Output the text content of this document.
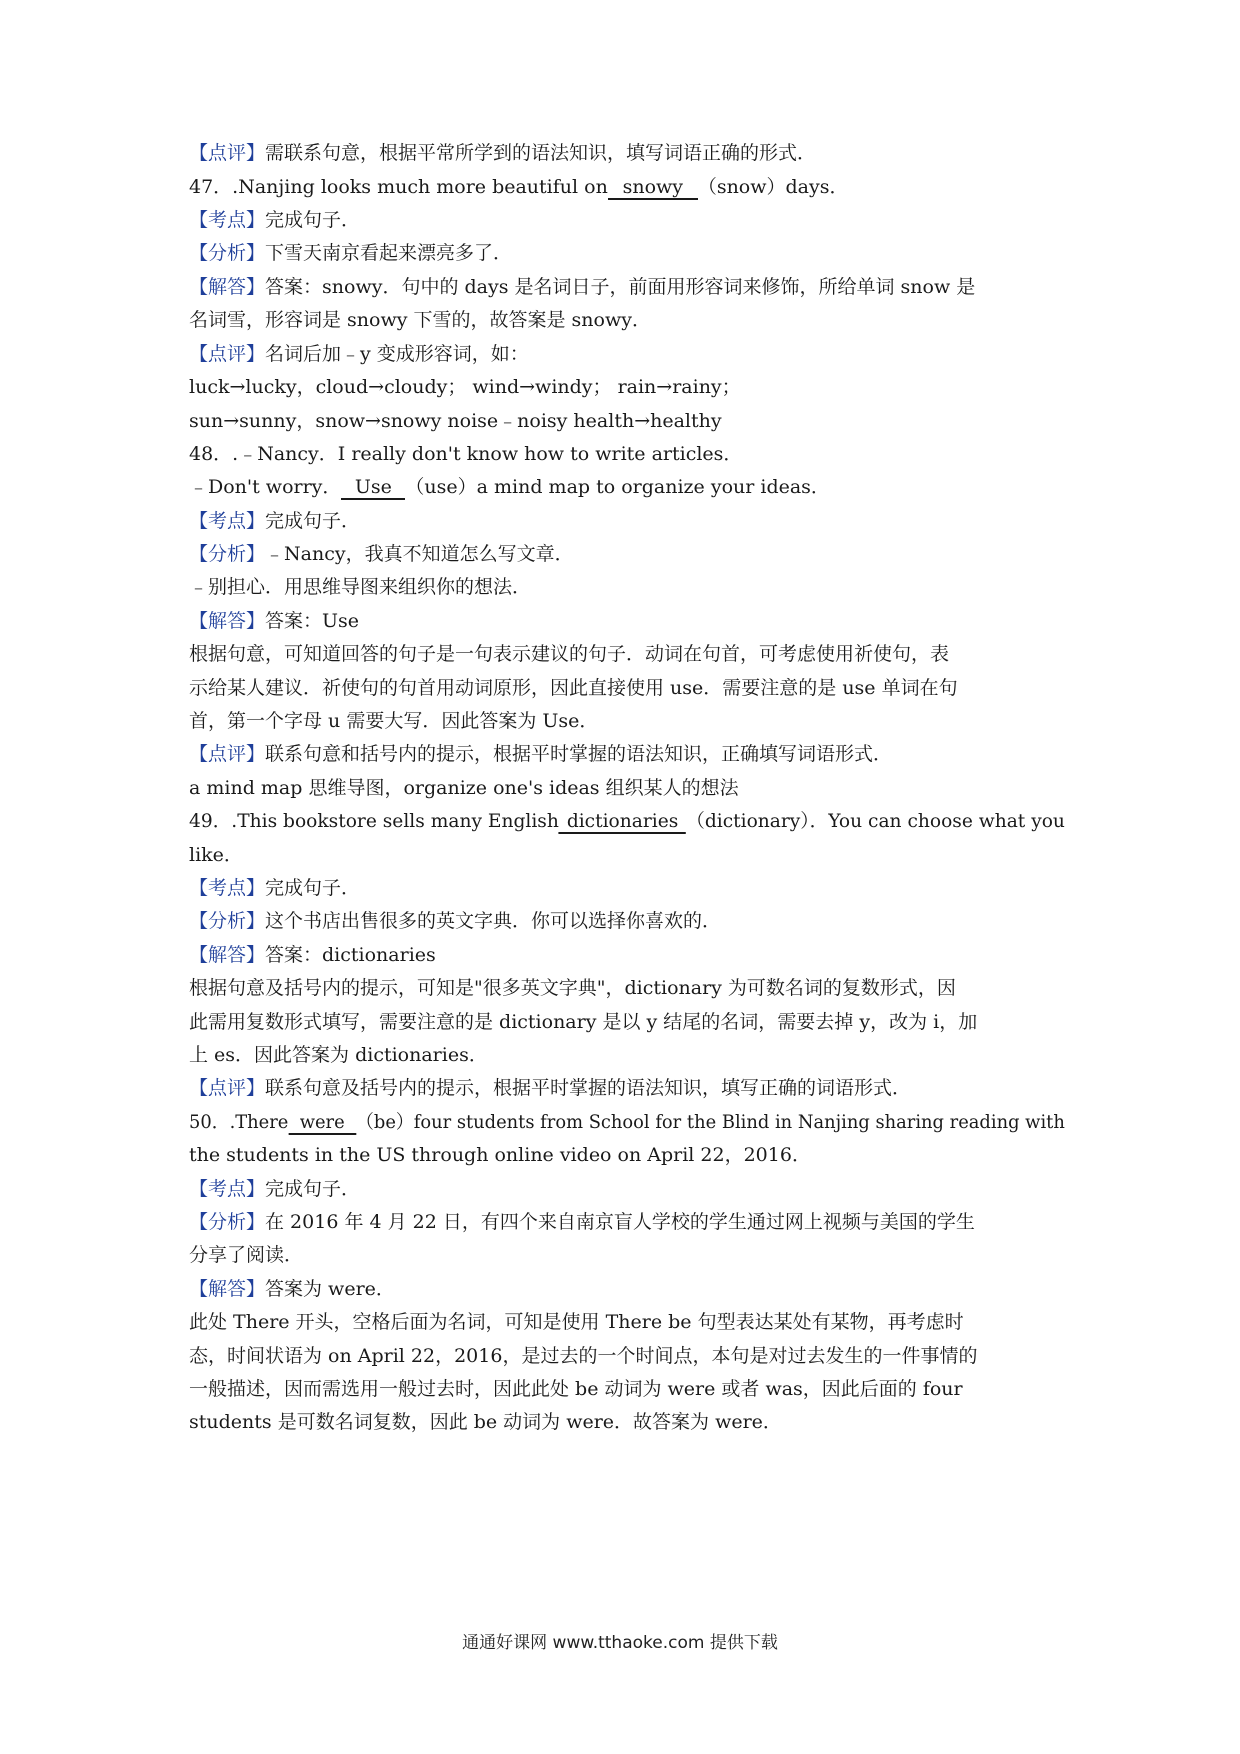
【点评】需联系句意，根据平常所学到的语法知识，填写词语正确的形式．
47．.Nanjing looks much more beautiful on snowy （snow）days．
【考点】完成句子．
【分析】下雪天南京看起来漂亮多了．
【解答】答案：snowy．句中的 days 是名词日子，前面用形容词来修饰，所给单词 snow 是
名词雪，形容词是 snowy 下雪的，故答案是 snowy．
【点评】名词后加﹣y 变成形容词，如：
luck→lucky，cloud→cloudy； wind→windy； rain→rainy；
sun→sunny，snow→snowy noise﹣noisy health→healthy
48．.﹣Nancy．I really don't know how to write articles．
﹣Don't worry． Use （use）a mind map to organize your ideas．
【考点】完成句子．
【分析】﹣Nancy，我真不知道怎么写文章．
﹣别担心．用思维导图来组织你的想法．
【解答】答案：Use
根据句意，可知道回答的句子是一句表示建议的句子．动词在句首，可考虑使用祈使句，表
示给某人建议．祈使句的句首用动词原形，因此直接使用 use．需要注意的是 use 单词在句
首，第一个字母 u 需要大写．因此答案为 Use．
【点评】联系句意和括号内的提示，根据平时掌握的语法知识，正确填写词语形式．
a mind map 思维导图，organize one's ideas 组织某人的想法
49．.This bookstore sells many English dictionaries （dictionary）．You can choose what you
like．
【考点】完成句子．
【分析】这个书店出售很多的英文字典．你可以选择你喜欢的．
【解答】答案：dictionaries
根据句意及括号内的提示，可知是"很多英文字典"，dictionary 为可数名词的复数形式，因
此需用复数形式填写，需要注意的是 dictionary 是以 y 结尾的名词，需要去掉 y，改为 i，加
上 es．因此答案为 dictionaries．
【点评】联系句意及括号内的提示，根据平时掌握的语法知识，填写正确的词语形式．
50．.There were （be）four students from School for the Blind in Nanjing sharing reading with
the students in the US through online video on April 22，2016．
【考点】完成句子．
【分析】在 2016 年 4 月 22 日，有四个来自南京盲人学校的学生通过网上视频与美国的学生
分享了阅读．
【解答】答案为 were．
此处 There 开头，空格后面为名词，可知是使用 There be 句型表达某处有某物，再考虑时
态，时间状语为 on April 22，2016，是过去的一个时间点，本句是对过去发生的一件事情的
一般描述，因而需选用一般过去时，因此此处 be 动词为 were 或者 was，因此后面的 four
students 是可数名词复数，因此 be 动词为 were．故答案为 were．
通通好课网 www.tthaoke.com 提供下载
